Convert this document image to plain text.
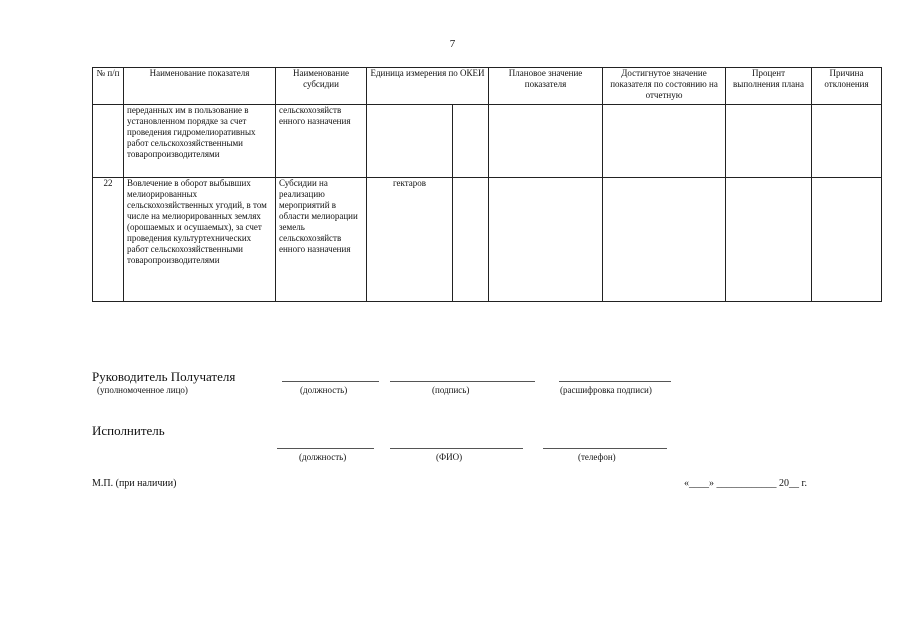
7
№ п/п	Наименование показателя	Наименование субсидии	Единица измерения по ОКЕИ		Плановое значение показателя	Достигнутое значение показателя по состоянию на отчетную	Процент выполнения плана	Причина отклонения
	переданных им в пользование в установленном порядке за счет проведения гидромелиоративных работ сельскохозяйственными товаропроизводителями	сельскохозяйств енного назначения						
22	Вовлечение в оборот выбывших мелиорированных сельскохозяйственных угодий, в том числе на мелиорированных землях (орошаемых и осушаемых), за счет проведения культуртехнических работ сельскохозяйственными товаропроизводителями	Субсидии на реализацию мероприятий в области мелиорации земель сельскохозяйств енного назначения	гектаров					
Руководитель Получателя
(уполномоченное лицо)	(должность)	(подпись)	(расшифровка подписи)
Исполнитель
(должность)	(ФИО)	(телефон)
М.П. (при наличии)	«____» ____________ 20__ г.
